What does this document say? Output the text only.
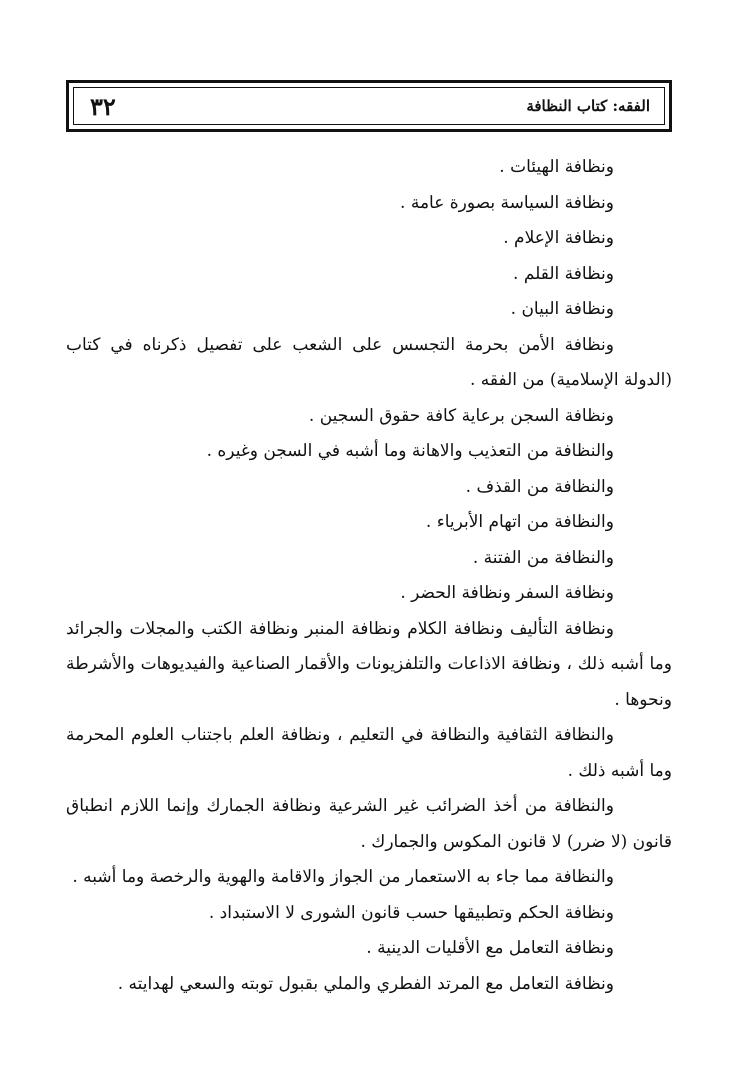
٣٢	الفقه: كتاب النظافة

ونظافة الهيئات .

ونظافة السياسة بصورة عامة .

ونظافة الإعلام .

ونظافة القلم .

ونظافة البيان .

ونظافة الأمن بحرمة التجسس على الشعب على تفصيل ذكرناه في كتاب (الدولة الإسلامية) من الفقه .

ونظافة السجن برعاية كافة حقوق السجين .

والنظافة من التعذيب والاهانة وما أشبه في السجن وغيره .

والنظافة من القذف .

والنظافة من اتهام الأبرياء .

والنظافة من الفتنة .

ونظافة السفر ونظافة الحضر .

ونظافة التأليف ونظافة الكلام ونظافة المنبر ونظافة الكتب والمجلات والجرائد وما أشبه ذلك ، ونظافة الاذاعات والتلفزيونات والأقمار الصناعية والفيديوهات والأشرطة ونحوها .

والنظافة الثقافية والنظافة في التعليم ، ونظافة العلم باجتناب العلوم المحرمة وما أشبه ذلك .

والنظافة من أخذ الضرائب غير الشرعية ونظافة الجمارك وإنما اللازم انطباق قانون (لا ضرر) لا قانون المكوس والجمارك .

والنظافة مما جاء به الاستعمار من الجواز والاقامة والهوية والرخصة وما أشبه .

ونظافة الحكم وتطبيقها حسب قانون الشورى لا الاستبداد .

ونظافة التعامل مع الأقليات الدينية .

ونظافة التعامل مع المرتد الفطري والملي بقبول توبته والسعي لهدايته .
